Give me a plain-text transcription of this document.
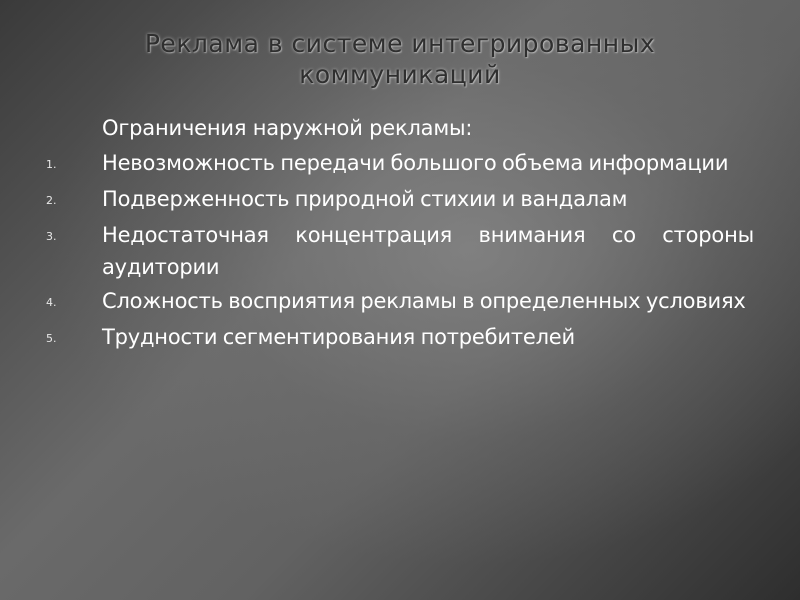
Реклама в системе интегрированных коммуникаций
Ограничения наружной рекламы:
1.	Невозможность передачи большого объема информации
2.	Подверженность природной стихии и вандалам
3.	Недостаточная концентрация внимания со стороны аудитории
4.	Сложность восприятия рекламы в определенных условиях
5.	Трудности сегментирования потребителей
